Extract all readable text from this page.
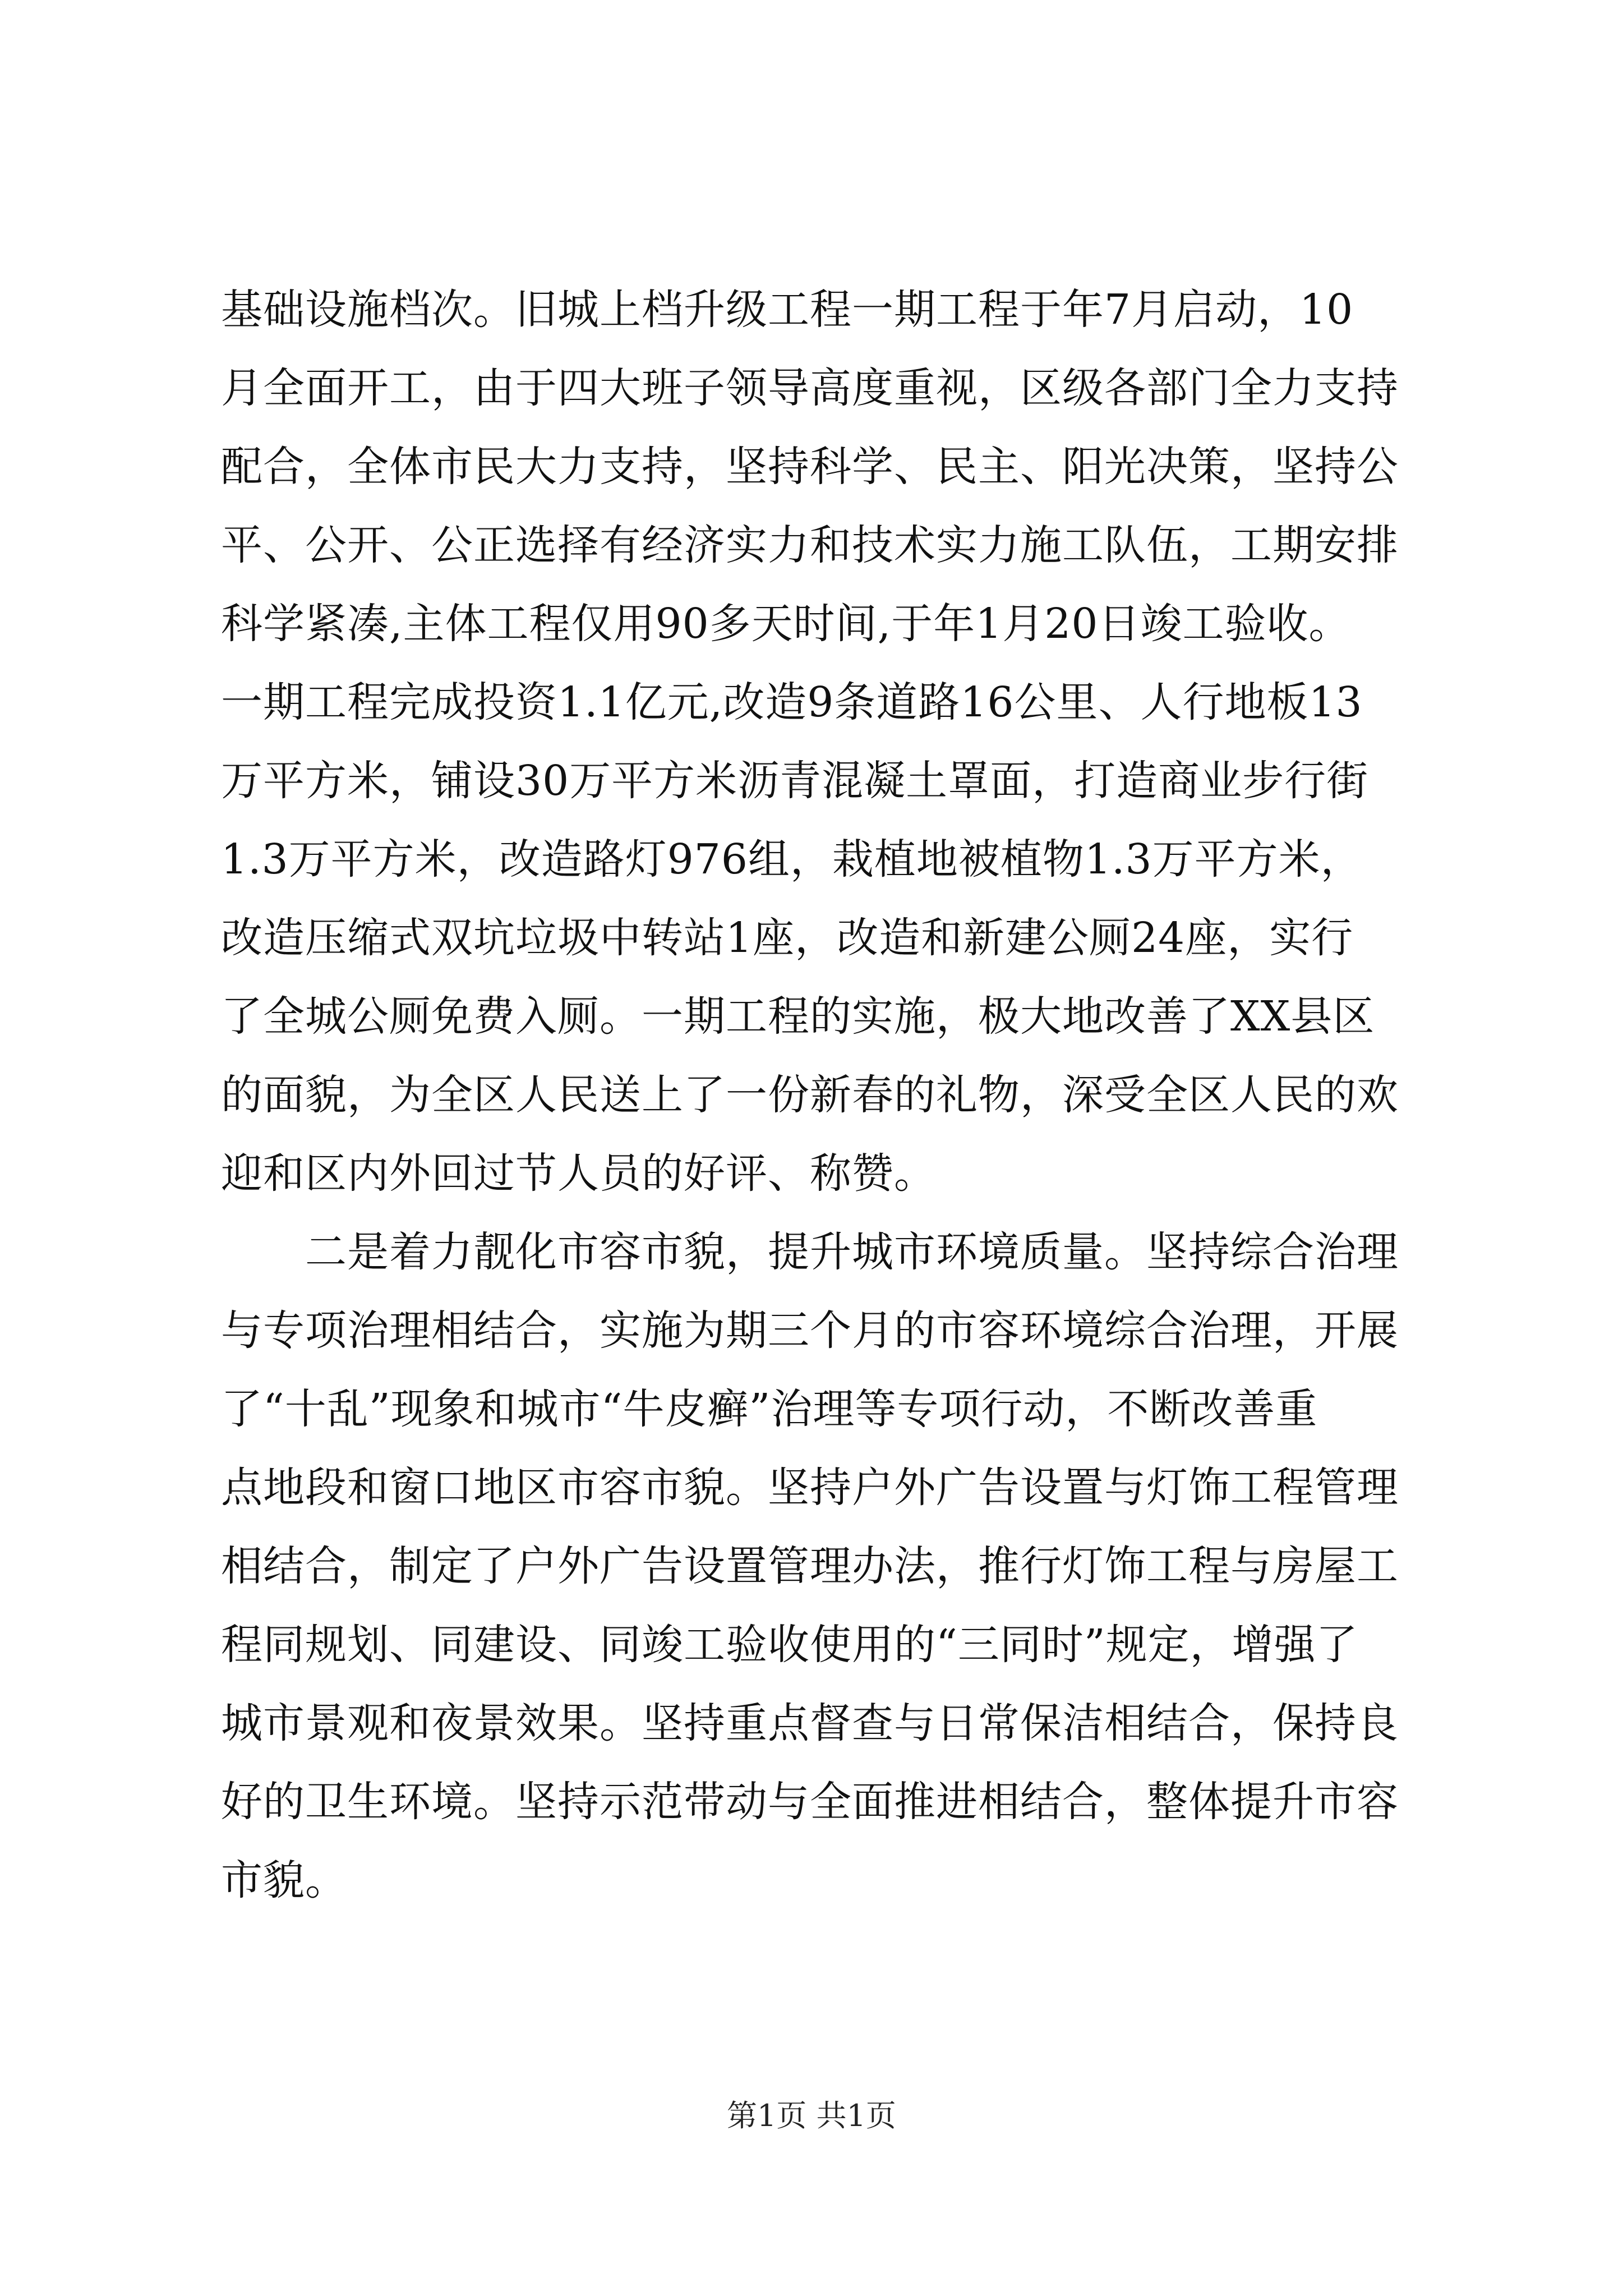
基础设施档次。旧城上档升级工程一期工程于年7月启动，10
月全面开工，由于四大班子领导高度重视，区级各部门全力支持
配合，全体市民大力支持，坚持科学、民主、阳光决策，坚持公
平、公开、公正选择有经济实力和技术实力施工队伍，工期安排
科学紧凑,主体工程仅用90多天时间,于年1月20日竣工验收。
一期工程完成投资1.1亿元,改造9条道路16公里、人行地板13
万平方米，铺设30万平方米沥青混凝土罩面，打造商业步行街
1.3万平方米，改造路灯976组，栽植地被植物1.3万平方米，
改造压缩式双坑垃圾中转站1座，改造和新建公厕24座，实行
了全城公厕免费入厕。一期工程的实施，极大地改善了XX县区
的面貌，为全区人民送上了一份新春的礼物，深受全区人民的欢
迎和区内外回过节人员的好评、称赞。
　　二是着力靓化市容市貌，提升城市环境质量。坚持综合治理
与专项治理相结合，实施为期三个月的市容环境综合治理，开展
了“十乱”现象和城市“牛皮癣”治理等专项行动，不断改善重
点地段和窗口地区市容市貌。坚持户外广告设置与灯饰工程管理
相结合，制定了户外广告设置管理办法，推行灯饰工程与房屋工
程同规划、同建设、同竣工验收使用的“三同时”规定，增强了
城市景观和夜景效果。坚持重点督查与日常保洁相结合，保持良
好的卫生环境。坚持示范带动与全面推进相结合，整体提升市容
市貌。
第1页 共1页
